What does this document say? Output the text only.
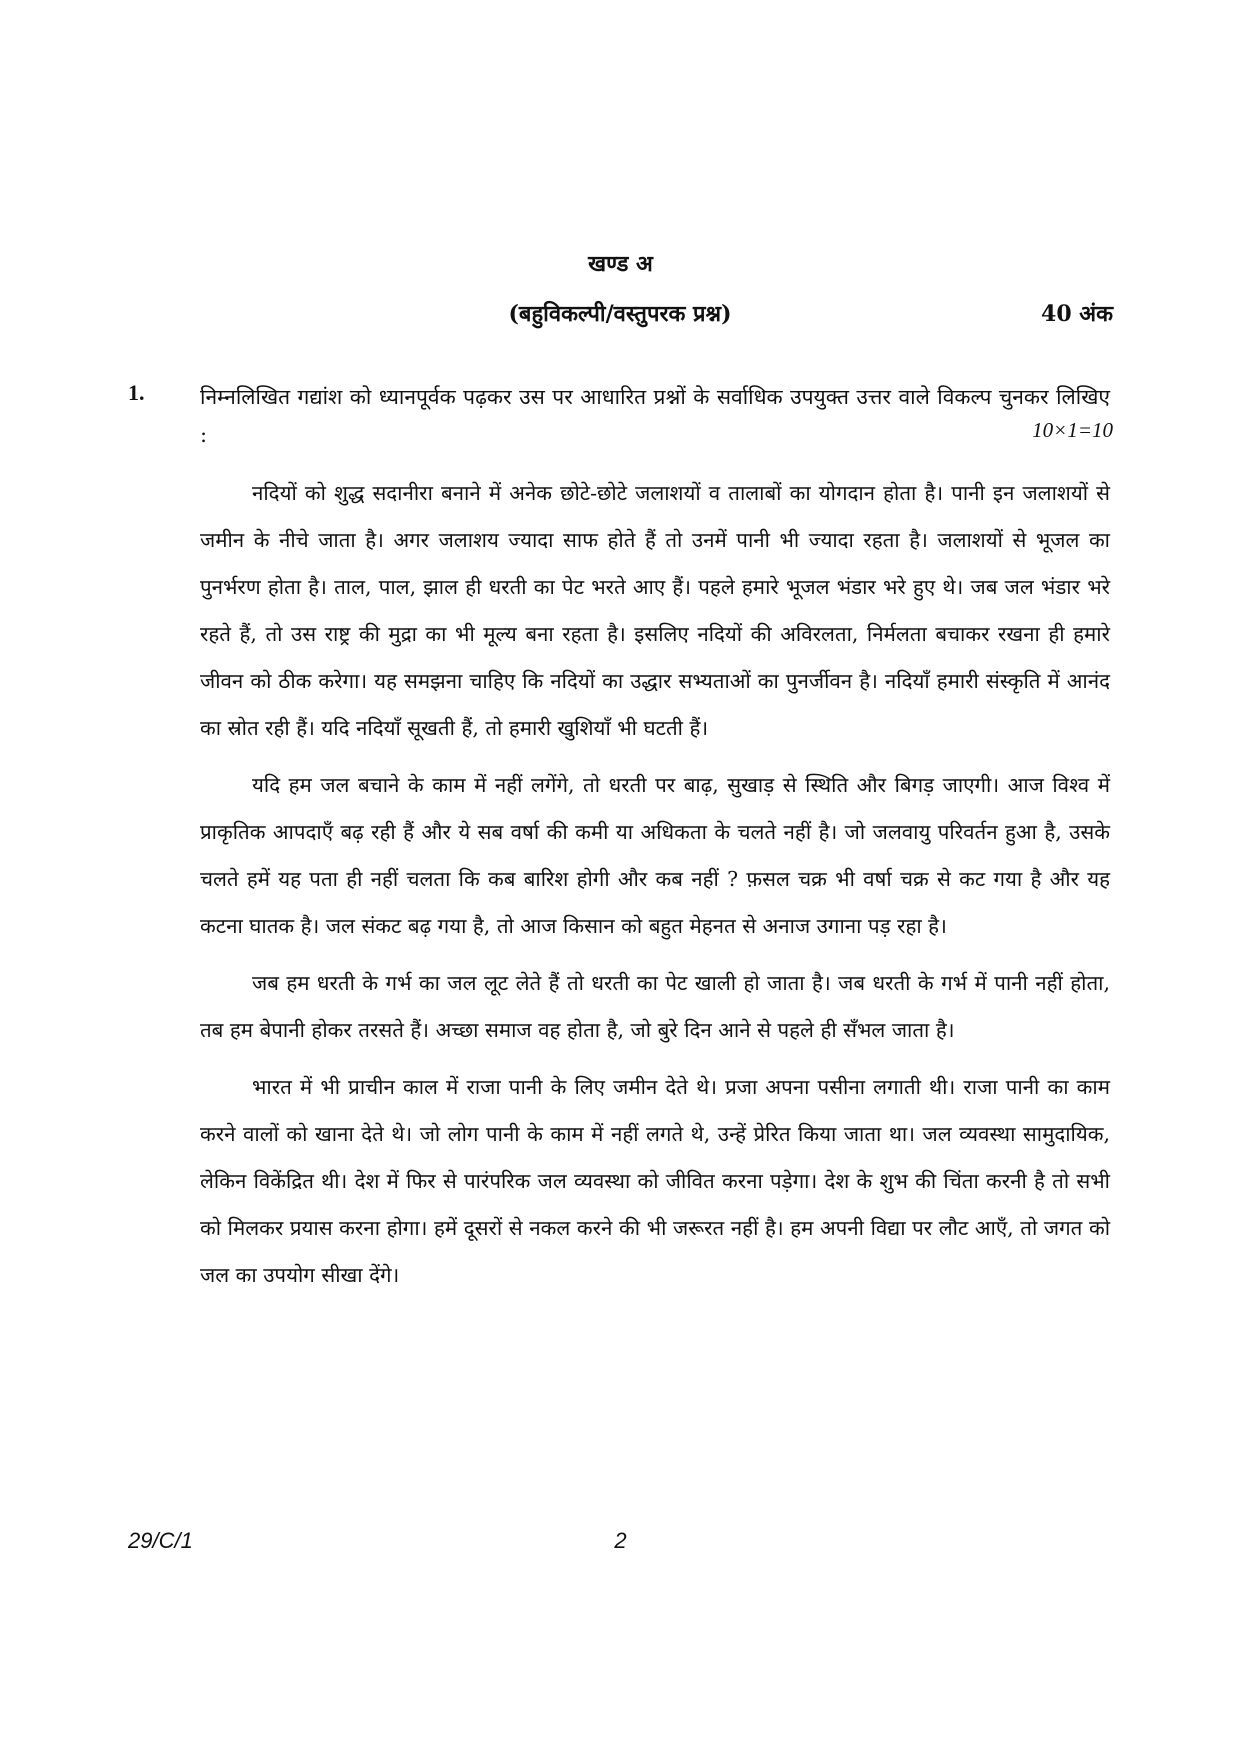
खण्ड अ
(बहुविकल्पी/वस्तुपरक प्रश्न)	40 अंक
1.	निम्नलिखित गद्यांश को ध्यानपूर्वक पढ़कर उस पर आधारित प्रश्नों के सर्वाधिक उपयुक्त उत्तर वाले विकल्प चुनकर लिखिए :	10×1=10

नदियों को शुद्ध सदानीरा बनाने में अनेक छोटे-छोटे जलाशयों व तालाबों का योगदान होता है। पानी इन जलाशयों से जमीन के नीचे जाता है। अगर जलाशय ज्यादा साफ होते हैं तो उनमें पानी भी ज्यादा रहता है। जलाशयों से भूजल का पुनर्भरण होता है। ताल, पाल, झाल ही धरती का पेट भरते आए हैं। पहले हमारे भूजल भंडार भरे हुए थे। जब जल भंडार भरे रहते हैं, तो उस राष्ट्र की मुद्रा का भी मूल्य बना रहता है। इसलिए नदियों की अविरलता, निर्मलता बचाकर रखना ही हमारे जीवन को ठीक करेगा। यह समझना चाहिए कि नदियों का उद्धार सभ्यताओं का पुनर्जीवन है। नदियाँ हमारी संस्कृति में आनंद का स्रोत रही हैं। यदि नदियाँ सूखती हैं, तो हमारी खुशियाँ भी घटती हैं।

यदि हम जल बचाने के काम में नहीं लगेंगे, तो धरती पर बाढ़, सुखाड़ से स्थिति और बिगड़ जाएगी। आज विश्व में प्राकृतिक आपदाएँ बढ़ रही हैं और ये सब वर्षा की कमी या अधिकता के चलते नहीं है। जो जलवायु परिवर्तन हुआ है, उसके चलते हमें यह पता ही नहीं चलता कि कब बारिश होगी और कब नहीं ? फ़सल चक्र भी वर्षा चक्र से कट गया है और यह कटना घातक है। जल संकट बढ़ गया है, तो आज किसान को बहुत मेहनत से अनाज उगाना पड़ रहा है।

जब हम धरती के गर्भ का जल लूट लेते हैं तो धरती का पेट खाली हो जाता है। जब धरती के गर्भ में पानी नहीं होता, तब हम बेपानी होकर तरसते हैं। अच्छा समाज वह होता है, जो बुरे दिन आने से पहले ही सँभल जाता है।

भारत में भी प्राचीन काल में राजा पानी के लिए जमीन देते थे। प्रजा अपना पसीना लगाती थी। राजा पानी का काम करने वालों को खाना देते थे। जो लोग पानी के काम में नहीं लगते थे, उन्हें प्रेरित किया जाता था। जल व्यवस्था सामुदायिक, लेकिन विकेंद्रित थी। देश में फिर से पारंपरिक जल व्यवस्था को जीवित करना पड़ेगा। देश के शुभ की चिंता करनी है तो सभी को मिलकर प्रयास करना होगा। हमें दूसरों से नकल करने की भी जरूरत नहीं है। हम अपनी विद्या पर लौट आएँ, तो जगत को जल का उपयोग सीखा देंगे।

29/C/1	2
